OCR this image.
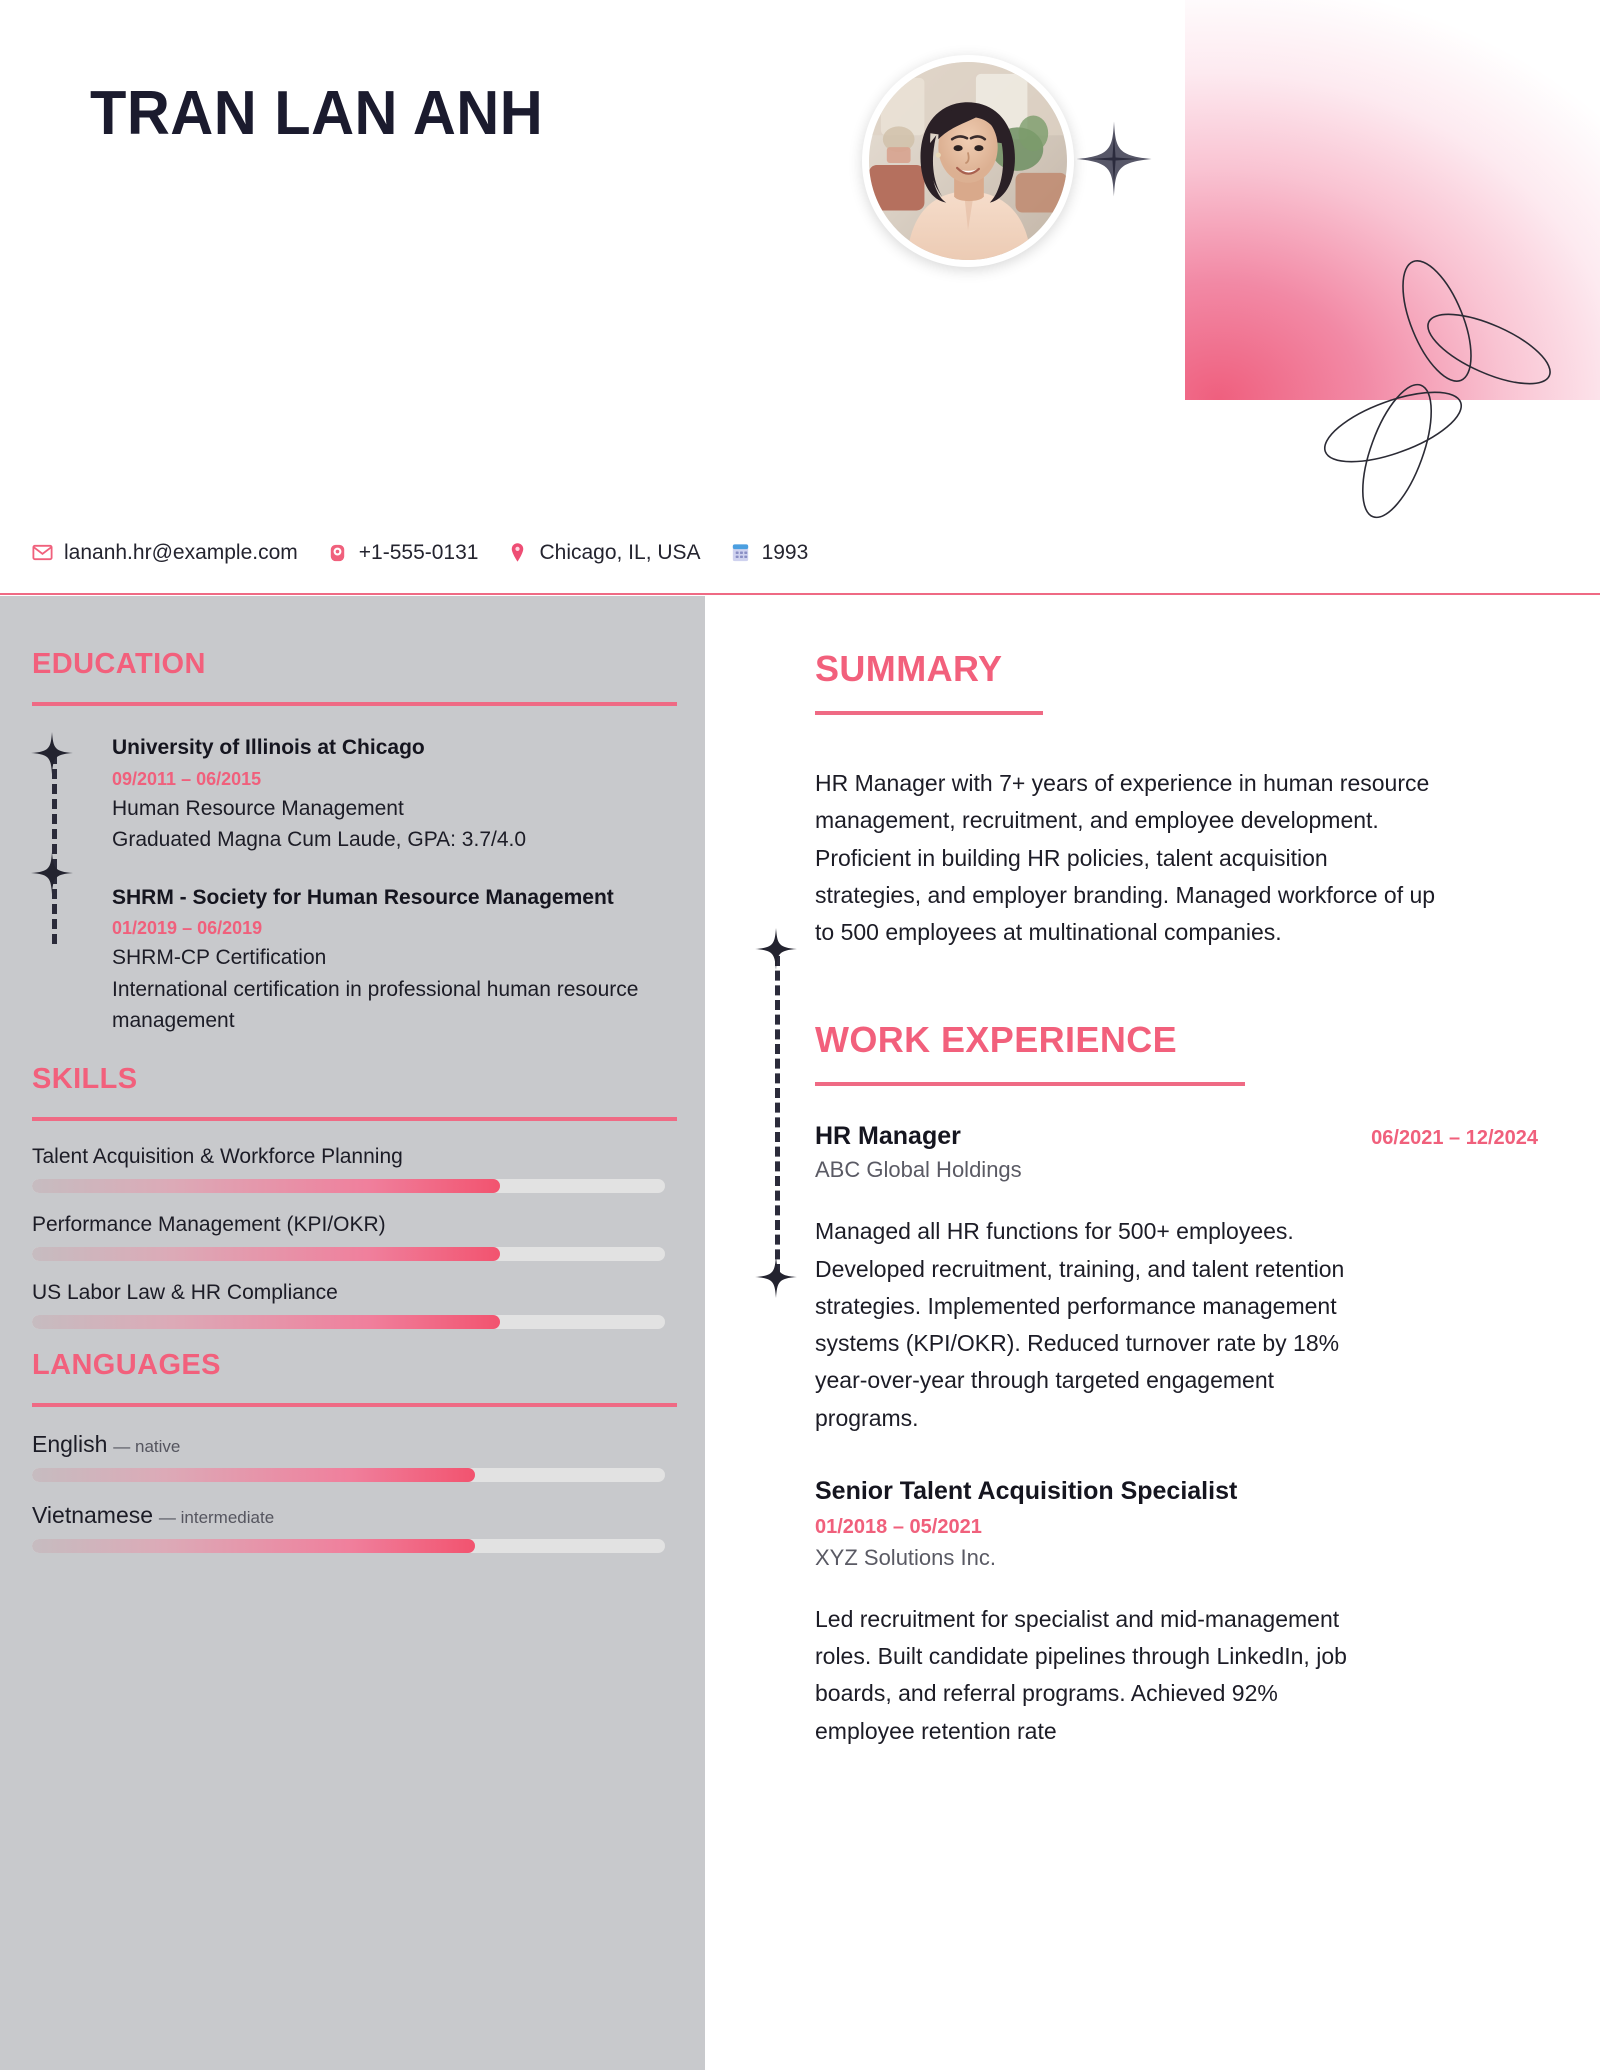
TRAN LAN ANH
lananh.hr@example.com	+1-555-0131	Chicago, IL, USA	1993
EDUCATION
University of Illinois at Chicago
09/2011 – 06/2015
Human Resource Management
Graduated Magna Cum Laude, GPA: 3.7/4.0
SHRM - Society for Human Resource Management
01/2019 – 06/2019
SHRM-CP Certification
International certification in professional human resource management
SKILLS
Talent Acquisition & Workforce Planning
Performance Management (KPI/OKR)
US Labor Law & HR Compliance
LANGUAGES
English — native
Vietnamese — intermediate
SUMMARY

HR Manager with 7+ years of experience in human resource management, recruitment, and employee development. Proficient in building HR policies, talent acquisition strategies, and employer branding. Managed workforce of up to 500 employees at multinational companies.

WORK EXPERIENCE
HR Manager	06/2021 – 12/2024
ABC Global Holdings

Managed all HR functions for 500+ employees. Developed recruitment, training, and talent retention strategies. Implemented performance management systems (KPI/OKR). Reduced turnover rate by 18% year-over-year through targeted engagement programs.

Senior Talent Acquisition Specialist
01/2018 – 05/2021
XYZ Solutions Inc.

Led recruitment for specialist and mid-management roles. Built candidate pipelines through LinkedIn, job boards, and referral programs. Achieved 92% employee retention rate
